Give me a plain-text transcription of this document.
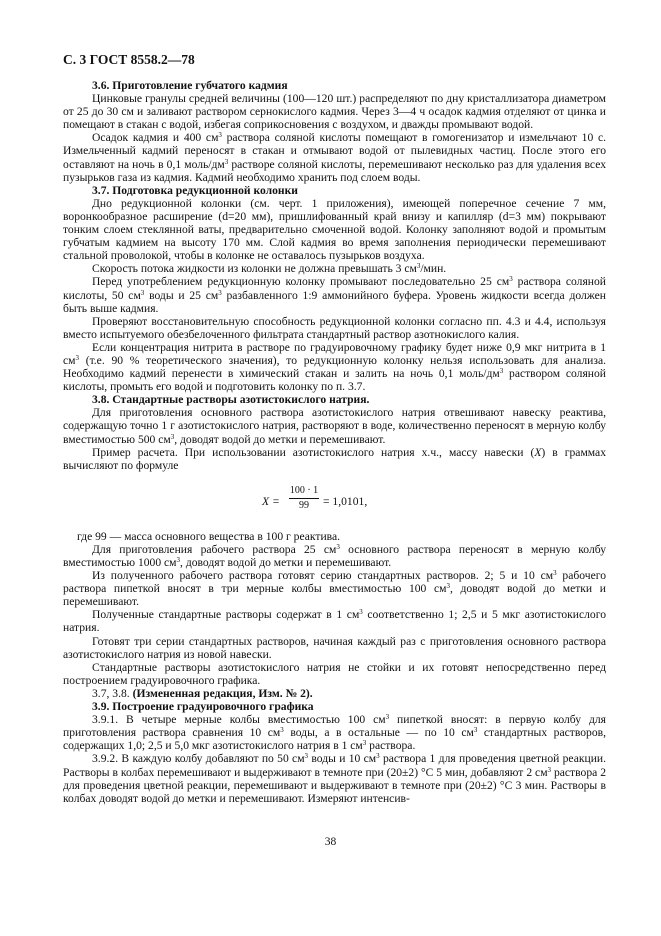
С. 3 ГОСТ 8558.2—78

3.6. Приготовление губчатого кадмия

Цинковые гранулы средней величины (100—120 шт.) распределяют по дну кристаллизатора диаметром от 25 до 30 см и заливают раствором сернокислого кадмия. Через 3—4 ч осадок кадмия отделяют от цинка и помещают в стакан с водой, избегая соприкосновения с воздухом, и дважды промывают водой.

Осадок кадмия и 400 $см^3$ раствора соляной кислоты помещают в гомогенизатор и измельчают 10 с. Измельченный кадмий переносят в стакан и отмывают водой от пылевидных частиц. После этого его оставляют на ночь в 0,1 моль/$дм^3$ растворе соляной кислоты, перемешивают несколько раз для удаления всех пузырьков газа из кадмия. Кадмий необходимо хранить под слоем воды.

3.7. Подготовка редукционной колонки

Дно редукционной колонки (см. черт. 1 приложения), имеющей поперечное сечение 7 мм, воронкообразное расширение (d=20 мм), пришлифованный край внизу и капилляр (d=3 мм) покрывают тонким слоем стеклянной ваты, предварительно смоченной водой. Колонку заполняют водой и промытым губчатым кадмием на высоту 170 мм. Слой кадмия во время заполнения периодически перемешивают стальной проволокой, чтобы в колонке не оставалось пузырьков воздуха.

Скорость потока жидкости из колонки не должна превышать 3 $см^3$/мин.

Перед употреблением редукционную колонку промывают последовательно 25 $см^3$ раствора соляной кислоты, 50 $см^3$ воды и 25 $см^3$ разбавленного 1:9 аммонийного буфера. Уровень жидкости всегда должен быть выше кадмия.

Проверяют восстановительную способность редукционной колонки согласно пп. 4.3 и 4.4, используя вместо испытуемого обезбелоченного фильтрата стандартный раствор азотнокислого калия.

Если концентрация нитрита в растворе по градуировочному графику будет ниже 0,9 мкг нитрита в 1 $см^3$ (т.е. 90 % теоретического значения), то редукционную колонку нельзя использовать для анализа. Необходимо кадмий перенести в химический стакан и залить на ночь 0,1 моль/$дм^3$ раствором соляной кислоты, промыть его водой и подготовить колонку по п. 3.7.

3.8. Стандартные растворы азотистокислого натрия.

Для приготовления основного раствора азотистокислого натрия отвешивают навеску реактива, содержащую точно 1 г азотистокислого натрия, растворяют в воде, количественно переносят в мерную колбу вместимостью 500 $см^3$, доводят водой до метки и перемешивают.

Пример расчета. При использовании азотистокислого натрия х.ч., массу навески (X) в граммах вычисляют по формуле

$X = \frac{100 \cdot 1}{99} = 1,0101$,

где 99 — масса основного вещества в 100 г реактива.

Для приготовления рабочего раствора 25 $см^3$ основного раствора переносят в мерную колбу вместимостью 1000 $см^3$, доводят водой до метки и перемешивают.

Из полученного рабочего раствора готовят серию стандартных растворов. 2; 5 и 10 $см^3$ рабочего раствора пипеткой вносят в три мерные колбы вместимостью 100 $см^3$, доводят водой до метки и перемешивают.

Полученные стандартные растворы содержат в 1 $см^3$ соответственно 1; 2,5 и 5 мкг азотистокислого натрия.

Готовят три серии стандартных растворов, начиная каждый раз с приготовления основного раствора азотистокислого натрия из новой навески.

Стандартные растворы азотистокислого натрия не стойки и их готовят непосредственно перед построением градуировочного графика.

3.7, 3.8. (Измененная редакция, Изм. № 2).

3.9. Построение градуировочного графика

3.9.1. В четыре мерные колбы вместимостью 100 $см^3$ пипеткой вносят: в первую колбу для приготовления раствора сравнения 10 $см^3$ воды, а в остальные — по 10 $см^3$ стандартных растворов, содержащих 1,0; 2,5 и 5,0 мкг азотистокислого натрия в 1 $см^3$ раствора.

3.9.2. В каждую колбу добавляют по 50 $см^3$ воды и 10 $см^3$ раствора 1 для проведения цветной реакции. Растворы в колбах перемешивают и выдерживают в темноте при (20±2) °С 5 мин, добавляют 2 $см^3$ раствора 2 для проведения цветной реакции, перемешивают и выдерживают в темноте при (20±2) °С 3 мин. Растворы в колбах доводят водой до метки и перемешивают. Измеряют интенсив-

38
